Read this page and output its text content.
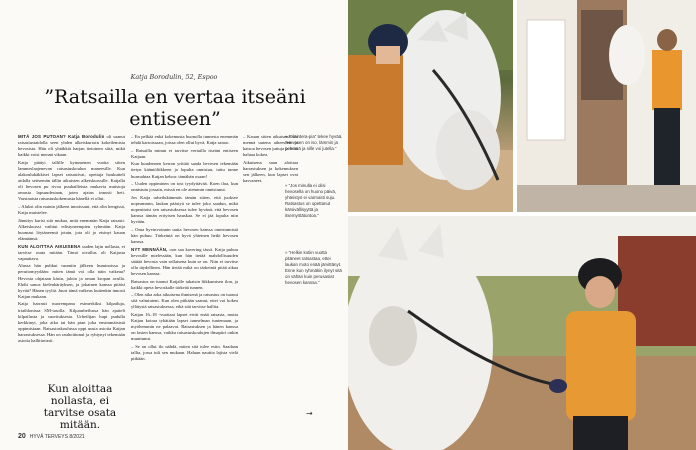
Katja Borodulin, 52, Espoo
”Ratsailla en vertaa itseäni entiseen”

MITÄ JOS PUTOAN? Katja Borodulin oli saanut ratsastustaidolla seen yhden alkeiskurssin kokeilemista hevosista. Hän oli yhtäkkiä harjan tietoinen siitä, mikä kaikki voisi mennä vikaan.

Katja päätyi tallille kymmenen vuotta sitten lammeslaajenevan ratsastuskoulun maneesille. Kun alakoulukäkkiset lapset ratsastivat, opettaja houkutteli aidalla seitsemän tällin aikuisten alkeiskurssille. Katjalla oli hevosen pu rivoa puuhailleista mukavia muistoja omasta lapsuudestaan, joten ajatus innosti heti. Varsinaista ratsastuskokemusta hänellä ei ollut.

– Aluksi olin nuinin jälkeen innoissani, että olin hengissä, Katja muistelee.

Jännitys karisi sitä mukaa, mitä enemmän Katja ratsasti. Alkeiskurssi vaihtui edistyneempien ryhmään. Katja huomasi löytäneensä jotain, jota oli jo etsinyt kauan elämäänsä.

KUN ALOITTAA AIKUISENA uuden lajin nollasta, ei tarvitse osata mitään. Tämä oivallus oli Katjasta vapauttava.

Alussa hän puhkui ruumiin jälkeen huminoissa ja peruttomyydään: miten tämä voi olla näin vaikeaa? Hevosta ohjataan käsin, jaloin ja oman kropan avulla. Ehdit sanoa kielenkäräyksen, ja jokainen kanssa pitäisi hyvää? Hänen tyyliä. Juuri tämä vaikeus kuitenkin innosti Katjan mukaan.

Katja harrasti nuorempana esimerkiksi kilpailuja, triathlonissa SM-tasolla. Kilpaurheilussa hän ajatteli kilpailusta ja suorituksesta. Urheilijan hupi pudulla kerkkinyt, joka aika tai hän pian joka ensimmäisistä oppimistaan. Ratsastuskoulussa oppi uusia asioita Katjan harrastuksessa. Hän on rauhoittunut ja ryhtynyt tekemään asioita hallittavasti.

– En pelkää enkä kokemusta huonolla tunnesta enemmän tehdä kartoissaan, joissa olen ollut hyvä, Katja sanoo.

– Ratsailla minun ei tarvitse vertailla itseäni entiseen Katjaan.

Kun kuudennen kerran yrittää saada hevosen tekemään tietyn kääntöliikkeen ja lopulta onnistuu, tuttu tunne hurmahtaa Katjan kehoa: tämähän osaan!

– Uuden oppiminen on tosi tyydyttävää. Koen iloa, kun onnistuin jossain, missä en ole aiemmin onnistunut.

Jos Katja urheilukämmäs tämän sitten, että juoksee nopeammin, laukan päästyä se tulee joko saadun, mikä nopeuttaisi sen ratsastuksessa tulee hyvänä, että hevosen kanssa tämän erityisen hauskaa. Se ei jää lopulta niin hyvään.

– Oma hyvinvoinnin uutta hevosen kanssa onnistumistä hän puhuu. Tärkeintä on hyvä yhteinen hetki hevosen kanssa.

NYT MENNÄÄN, oon saa kavering tässä. Katja puhuu hevosille mielessään, kun hän tietää mahdollisuuden säätää hevosta vain sellaisena kuin se on. Niin ei tarvitse olla täydellinen. Hän tietää mikä on tärkeintä pitää aikaa hevosen kanssa.

Ratsastus on tuonut Katjalle takaisin liikkumisen ilon, ja kaikki opeta hevoskalle tärkeää tunnen.

– Olen aika arka aikuisena ihmisenä ja ratsastus on tuonut sitä valmiuteni. Kun olen pitkään saanut, ettei voi kokea yllätystä ratsastuksessa, eikä sitä tarvitse hallita.

Katjan 16–18 -vuotiaat lapset eivät enää ratsasta, mutta Katjan koiraa tykätään lapset tunnelman tuntemaan, ja myöhemmin ne palaavat. Ratsastuksen ja hänen kanssa on lasten kanssa, vaikka ratsastuskoulujen ilmapiiri onkin muuttunut.

– Se on ollut ilo nähdä, miten sitä tulee esiin. Saadaan tallia, jossa tuli sen mukaan. Haluan nauttia lajista vielä pitkään.

– Kauan sitten aikuisena voi mennä uutena aiheeseen ja katsoa hevosen juttuja ja mitä haluaa kokea.

Aikuisena saan aloittaa harrastuksen ja kokemuksen sen jälkeen, kun lapset ovat kasvaneet.

Kun aloittaa nollasta, ei tarvitse osata mitään.
» ”Eläintera-pia” tekee hyvää. ”Hevosen on iso, lämmin ja pehmeä ja sille voi jutella.”
» ”Jos minulla ei olisi hevosella on huono päivä, yhteistyö ei varmasti suju. Ratsastus on opettanut kärsivällisyyttä ja itsemyötätuntoa.”
» ”Helkin kotiin vuotta pitäneet ratsastaa, ettei laukan moto enää järvittänyt. Enne kun ryhmäkin ilynyt sitä on vähän kuin perusasiat hevosen kanssa.”
→
20 HYVÄ TERVEYS 8/2021
